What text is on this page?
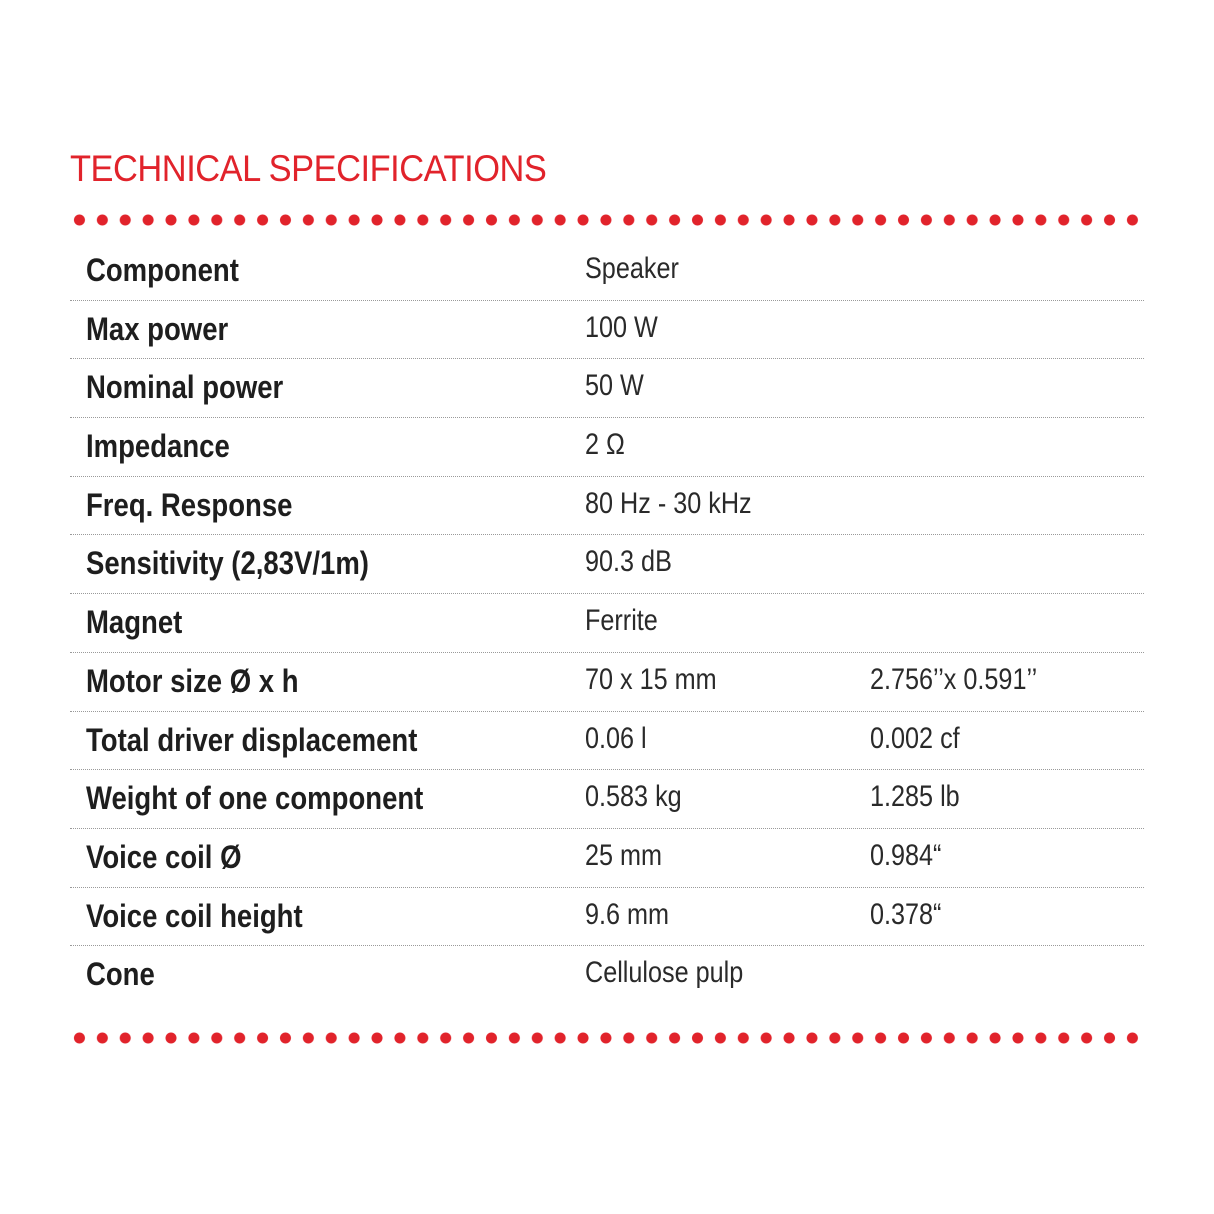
TECHNICAL SPECIFICATIONS
Component	Speaker
Max power	100 W
Nominal power	50 W
Impedance	2 Ω
Freq. Response	80 Hz - 30 kHz
Sensitivity (2,83V/1m)	90.3 dB
Magnet	Ferrite
Motor size Ø x h	70 x 15 mm	2.756’’x 0.591’’
Total driver displacement	0.06 l	0.002 cf
Weight of one component	0.583 kg	1.285 lb
Voice coil Ø	25 mm	0.984“
Voice coil height	9.6 mm	0.378“
Cone	Cellulose pulp
